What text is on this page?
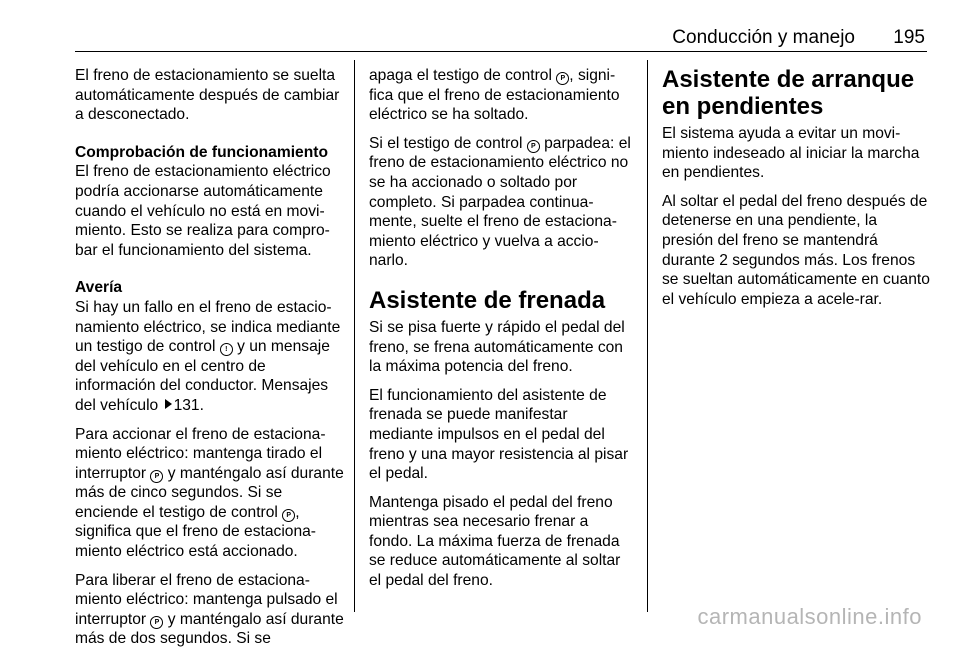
Conducción y manejo 195

El freno de estacionamiento se suelta automáticamente después de cambiar a desconectado.

Comprobación de funcionamiento

El freno de estacionamiento eléctrico podría accionarse automáticamente cuando el vehículo no está en movi-miento. Esto se realiza para compro-bar el funcionamiento del sistema.

Avería

Si hay un fallo en el freno de estacio-namiento eléctrico, se indica mediante un testigo de control ! y un mensaje del vehículo en el centro de información del conductor. Mensajes del vehículo 131.

Para accionar el freno de estaciona-miento eléctrico: mantenga tirado el interruptor P y manténgalo así durante más de cinco segundos. Si se enciende el testigo de control P , significa que el freno de estaciona-miento eléctrico está accionado.

Para liberar el freno de estaciona-miento eléctrico: mantenga pulsado el interruptor P y manténgalo así durante más de dos segundos. Si se

apaga el testigo de control P , signi-fica que el freno de estacionamiento eléctrico se ha soltado.

Si el testigo de control P parpadea: el freno de estacionamiento eléctrico no se ha accionado o soltado por completo. Si parpadea continua-mente, suelte el freno de estaciona-miento eléctrico y vuelva a accio-narlo.

Asistente de frenada

Si se pisa fuerte y rápido el pedal del freno, se frena automáticamente con la máxima potencia del freno.

El funcionamiento del asistente de frenada se puede manifestar mediante impulsos en el pedal del freno y una mayor resistencia al pisar el pedal.

Mantenga pisado el pedal del freno mientras sea necesario frenar a fondo. La máxima fuerza de frenada se reduce automáticamente al soltar el pedal del freno.

Asistente de arranque en pendientes

El sistema ayuda a evitar un movi-miento indeseado al iniciar la marcha en pendientes.

Al soltar el pedal del freno después de detenerse en una pendiente, la presión del freno se mantendrá durante 2 segundos más. Los frenos se sueltan automáticamente en cuanto el vehículo empieza a acele-rar.

carmanualsonline.info
